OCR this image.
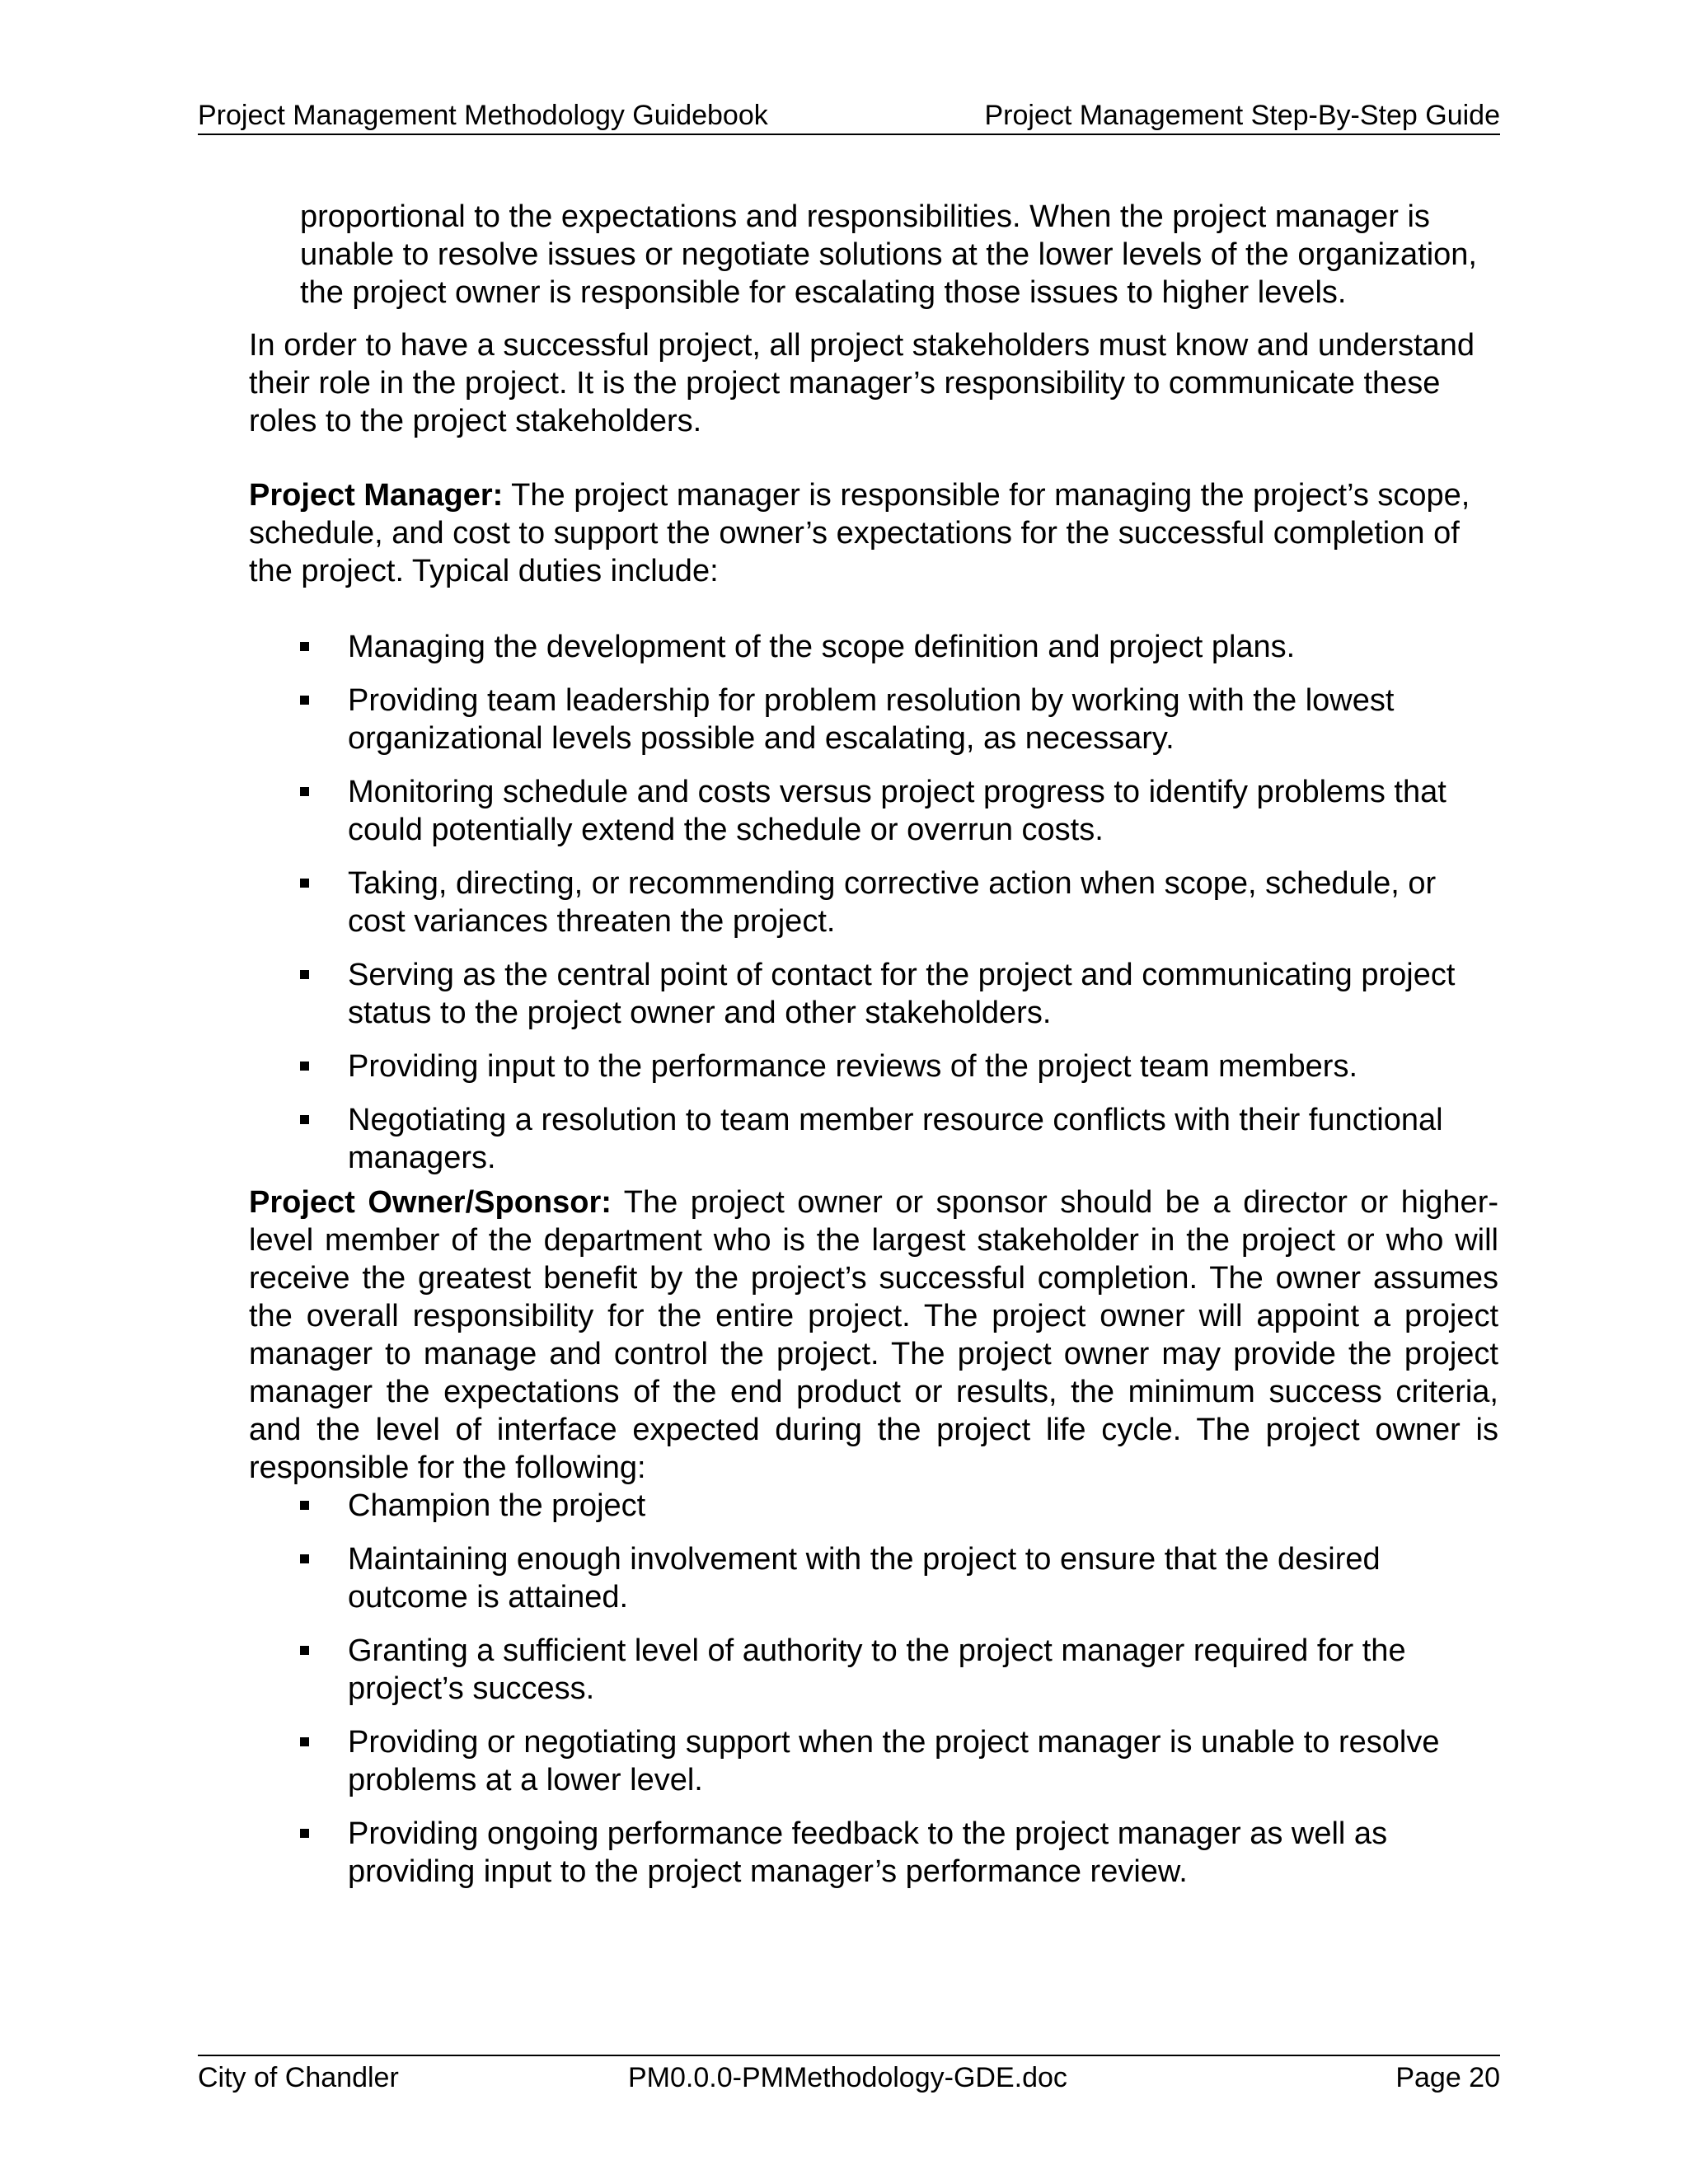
Project Management Methodology Guidebook	Project Management Step-By-Step Guide

proportional to the expectations and responsibilities. When the project manager is unable to resolve issues or negotiate solutions at the lower levels of the organization, the project owner is responsible for escalating those issues to higher levels.

In order to have a successful project, all project stakeholders must know and understand their role in the project. It is the project manager’s responsibility to communicate these roles to the project stakeholders.

Project Manager: The project manager is responsible for managing the project’s scope, schedule, and cost to support the owner’s expectations for the successful completion of the project. Typical duties include:

Managing the development of the scope definition and project plans.
Providing team leadership for problem resolution by working with the lowest organizational levels possible and escalating, as necessary.
Monitoring schedule and costs versus project progress to identify problems that could potentially extend the schedule or overrun costs.
Taking, directing, or recommending corrective action when scope, schedule, or cost variances threaten the project.
Serving as the central point of contact for the project and communicating project status to the project owner and other stakeholders.
Providing input to the performance reviews of the project team members.
Negotiating a resolution to team member resource conflicts with their functional managers.

Project Owner/Sponsor: The project owner or sponsor should be a director or higher-level member of the department who is the largest stakeholder in the project or who will receive the greatest benefit by the project’s successful completion. The owner assumes the overall responsibility for the entire project. The project owner will appoint a project manager to manage and control the project. The project owner may provide the project manager the expectations of the end product or results, the minimum success criteria, and the level of interface expected during the project life cycle. The project owner is responsible for the following:

Champion the project
Maintaining enough involvement with the project to ensure that the desired outcome is attained.
Granting a sufficient level of authority to the project manager required for the project’s success.
Providing or negotiating support when the project manager is unable to resolve problems at a lower level.
Providing ongoing performance feedback to the project manager as well as providing input to the project manager’s performance review.
City of Chandler	PM0.0.0-PMMethodology-GDE.doc	Page 20
